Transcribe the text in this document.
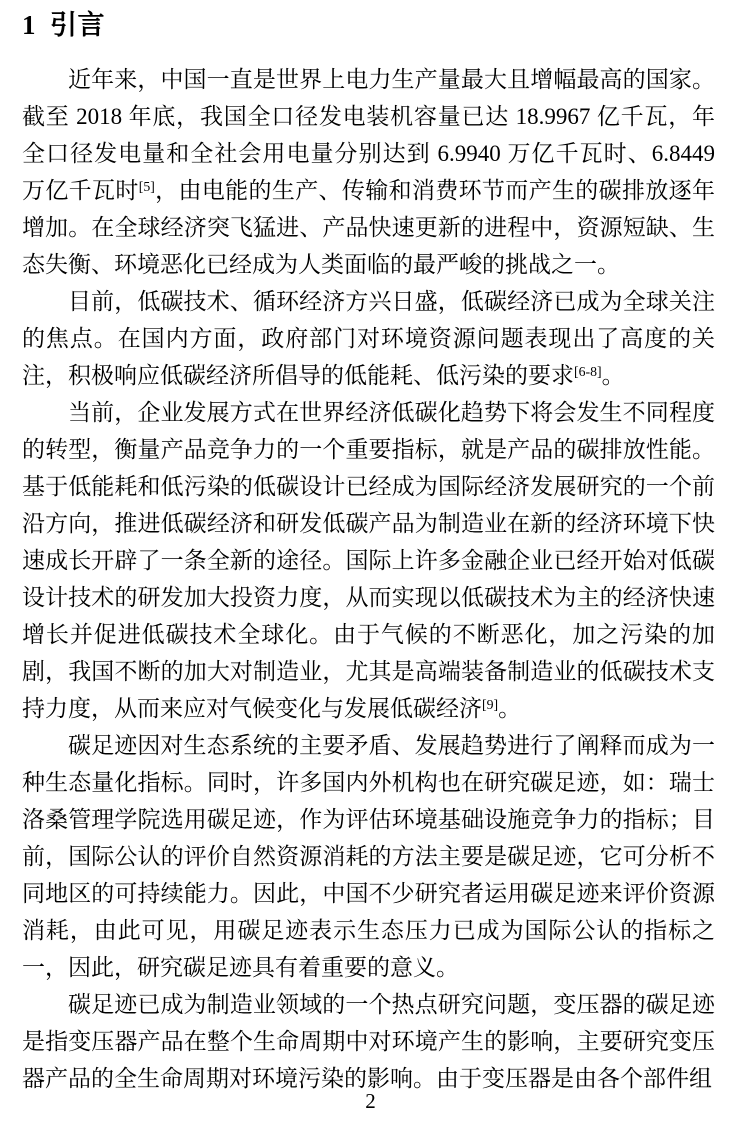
1 引言

近年来，中国一直是世界上电力生产量最大且增幅最高的国家。截至 2018 年底，我国全口径发电装机容量已达 18.9967 亿千瓦，年全口径发电量和全社会用电量分别达到 6.9940 万亿千瓦时、6.8449 万亿千瓦时[5]，由电能的生产、传输和消费环节而产生的碳排放逐年增加。在全球经济突飞猛进、产品快速更新的进程中，资源短缺、生态失衡、环境恶化已经成为人类面临的最严峻的挑战之一。

目前，低碳技术、循环经济方兴日盛，低碳经济已成为全球关注的焦点。在国内方面，政府部门对环境资源问题表现出了高度的关注，积极响应低碳经济所倡导的低能耗、低污染的要求[6-8]。

当前，企业发展方式在世界经济低碳化趋势下将会发生不同程度的转型，衡量产品竞争力的一个重要指标，就是产品的碳排放性能。基于低能耗和低污染的低碳设计已经成为国际经济发展研究的一个前沿方向，推进低碳经济和研发低碳产品为制造业在新的经济环境下快速成长开辟了一条全新的途径。国际上许多金融企业已经开始对低碳设计技术的研发加大投资力度，从而实现以低碳技术为主的经济快速增长并促进低碳技术全球化。由于气候的不断恶化，加之污染的加剧，我国不断的加大对制造业，尤其是高端装备制造业的低碳技术支持力度，从而来应对气候变化与发展低碳经济[9]。

碳足迹因对生态系统的主要矛盾、发展趋势进行了阐释而成为一种生态量化指标。同时，许多国内外机构也在研究碳足迹，如：瑞士洛桑管理学院选用碳足迹，作为评估环境基础设施竞争力的指标；目前，国际公认的评价自然资源消耗的方法主要是碳足迹，它可分析不同地区的可持续能力。因此，中国不少研究者运用碳足迹来评价资源消耗，由此可见，用碳足迹表示生态压力已成为国际公认的指标之一，因此，研究碳足迹具有着重要的意义。

碳足迹已成为制造业领域的一个热点研究问题，变压器的碳足迹是指变压器产品在整个生命周期中对环境产生的影响，主要研究变压器产品的全生命周期对环境污染的影响。由于变压器是由各个部件组

2
